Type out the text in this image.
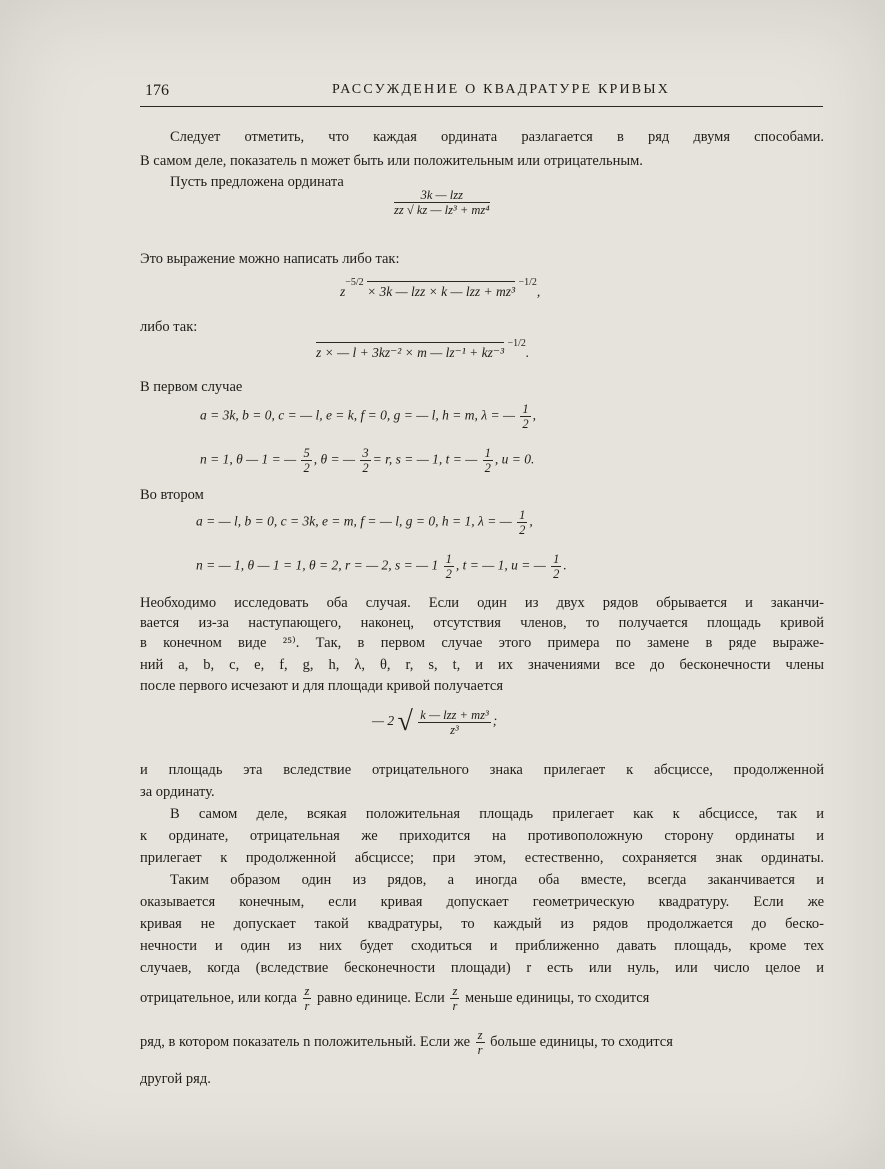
176	РАССУЖДЕНИЕ О КВАДРАТУРЕ КРИВЫХ
Следует отметить, что каждая ордината разлагается в ряд двумя способами.
В самом деле, показатель n может быть или положительным или отрицательным.
Пусть предложена ордината
$\frac{\text{3k — lzz}}{\text{zz √ kz — lz³ + mz⁴}}$
Это выражение можно написать либо так:
$z^{-5/2} \times 3k$ — lzz × k — lzz + mz³ $^{-1/2}$,
либо так:
z × — l + 3kz⁻² × m — lz⁻¹ + kz⁻³ $^{-1/2}$.
В первом случае
a = 3k, b = 0, c = — l, e = k, f = 0, g = — l, h = m, λ = — $\frac{1}{2}$ ,
n = 1, θ — 1 = — $\frac{5}{2}$ , θ = — $\frac{3}{2} = r$, s = — 1, t = — $\frac{1}{2}$ , u = 0.
Во втором
a = — l, b = 0, c = 3k, e = m, f = — l, g = 0, h = 1, λ = — $\frac{1}{2}$ ,
n = — 1, θ — 1 = 1, θ = 2, r = — 2, s = — $1 \frac{1}{2}$ , t = — 1, u = — $\frac{1}{2}$ .
Необходимо исследовать оба случая. Если один из двух рядов обрывается и заканчи-
вается из-за наступающего, наконец, отсутствия членов, то получается площадь кривой
в конечном виде ²⁵⁾. Так, в первом случае этого примера по замене в ряде выраже-
ний a, b, c, e, f, g, h, λ, θ, r, s, t, и их значениями все до бесконечности члены
после первого исчезают и для площади кривой получается
— 2 √ $\frac{\text{k — lzz + mz³}}{\text{z³}}$ ;
и площадь эта вследствие отрицательного знака прилегает к абсциссе, продолженной
за ординату.
В самом деле, всякая положительная площадь прилегает как к абсциссе, так и
к ординате, отрицательная же приходится на противоположную сторону ординаты и
прилегает к продолженной абсциссе; при этом, естественно, сохраняется знак ординаты.
Таким образом один из рядов, а иногда оба вместе, всегда заканчивается и
оказывается конечным, если кривая допускает геометрическую квадратуру. Если же
кривая не допускает такой квадратуры, то каждый из рядов продолжается до беско-
нечности и один из них будет сходиться и приближенно давать площадь, кроме тех
случаев, когда (вследствие бесконечности площади) r есть или нуль, или число целое и
отрицательное, или когда $\frac{z}{r}$ равно единице. Если $\frac{z}{r}$ меньше единицы, то сходится
ряд, в котором показатель n положительный. Если же $\frac{z}{r}$ больше единицы, то сходится
другой ряд.
